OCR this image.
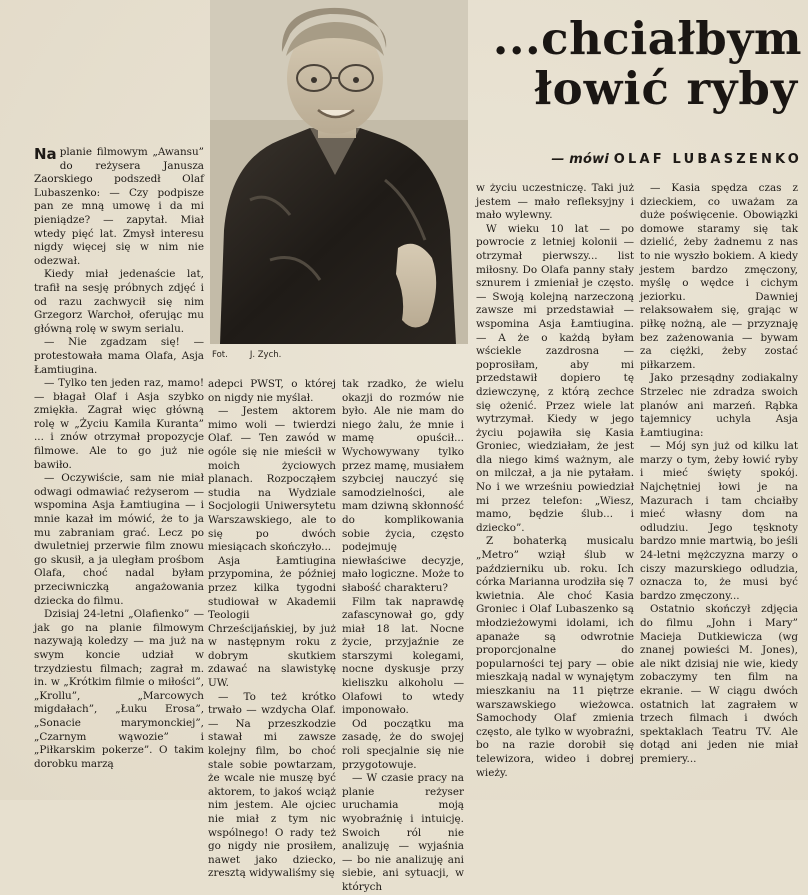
Fot.	J. Zych.
...chciałbym
łowić ryby
— mówi OLAF LUBASZENKO

Na planie filmowym „Awansu” do reżysera Janusza Zaorskiego podszedł Olaf Lubaszenko: — Czy podpisze pan ze mną umowę i da mi pieniądze? — zapytał. Miał wtedy pięć lat. Zmysł interesu nigdy więcej się w nim nie odezwał.

Kiedy miał jedenaście lat, trafił na sesję próbnych zdjęć i od razu zachwycił się nim Grzegorz Warchoł, oferując mu główną rolę w swym serialu.

— Nie zgadzam się! — protestowała mama Olafa, Asja Łamtiugina.

— Tylko ten jeden raz, mamo! — błagał Olaf i Asja szybko zmiękła. Zagrał więc główną rolę w „Życiu Kamila Kurantа” ... i znów otrzymał propozycje filmowe. Ale to go już nie bawiło.

— Oczywiście, sam nie miał odwagi odmawiać reżyserom — wspomina Asja Łamtiugina — i mnie kazał im mówić, że to ja mu zabraniam grać. Lecz po dwuletniej przerwie film znowu go skusił, a ja uległam prośbom Olafa, choć nadal byłam przeciwniczką angażowania dziecka do filmu.

Dzisiaj 24-letni „Olafienko” — jak go na planie filmowym nazywają koledzy — ma już na swym koncie udział w trzydziestu filmach; zagrał m. in. w „Krótkim filmie o miłości”, „Krollu”, „Marcowych migdałach”, „Łuku Erosa”, „Sonacie marymonckiej”, „Czarnym wąwozie” i „Piłkarskim pokerze”. O takim dorobku marzą

adepci PWST, o której on nigdy nie myślał.

— Jestem aktorem mimo woli — twierdzi Olaf. — Ten zawód w ogóle się nie mieścił w moich życiowych planach. Rozpocząłem studia na Wydziale Socjologii Uniwersytetu Warszawskiego, ale to się po dwóch miesiącach skończyło...

Asja Łamtiugina przypomina, że później przez kilka tygodni studiował w Akademii Teologii Chrześcijańskiej, by już w następnym roku z dobrym skutkiem zdawać na slawistykę UW.

— To też krótko trwało — wzdycha Olaf. — Na przeszkodzie stawał mi zawsze kolejny film, bo choć stale sobie powtarzam, że wcale nie muszę być aktorem, to jakoś wciąż nim jestem. Ale ojciec nie miał z tym nic wspólnego! O rady też go nigdy nie prosiłem, nawet jako dziecko, zresztą widywaliśmy się

tak rzadko, że wielu okazji do rozmów nie było. Ale nie mam do niego żalu, że mnie i mamę opuścił... Wychowywany tylko przez mamę, musiałem szybciej nauczyć się samodzielności, ale mam dziwną skłonność do komplikowania sobie życia, często podejmuję niewłaściwe decyzje, mało logiczne. Może to słabość charakteru?

Film tak naprawdę zafascynował go, gdy miał 18 lat. Nocne życie, przyjaźnie ze starszymi kolegami, nocne dyskusje przy kieliszku alkoholu — Olafowi to wtedy imponowało.

Od początku ma zasadę, że do swojej roli specjalnie się nie przygotowuje.

— W czasie pracy na planie reżyser uruchamia moją wyobraźnię i intuicję. Swoich ról nie analizuję — wyjaśnia — bo nie analizuję ani siebie, ani sytuacji, w których

w życiu uczestniczę. Taki już jestem — mało refleksyjny i mało wylewny.

W wieku 10 lat — po powrocie z letniej kolonii — otrzymał pierwszy... list miłosny. Do Olafa panny stały sznurem i zmieniał je często. — Swoją kolejną narzeczoną zawsze mi przedstawiał — wspomina Asja Łamtiugina. — A że o każdą byłam wściekle zazdrosna — poprosiłam, aby mi przedstawił dopiero tę dziewczynę, z którą zechce się ożenić. Przez wiele lat wytrzymał. Kiedy w jego życiu pojawiła się Kasia Groniec, wiedziałam, że jest dla niego kimś ważnym, ale on milczał, a ja nie pytałam. No i we wrześniu powiedział mi przez telefon: „Wiesz, mamo, będzie ślub... i dziecko”.

Z bohaterką musicalu „Metro” wziął ślub w październiku ub. roku. Ich córka Marianna urodziła się 7 kwietnia. Ale choć Kasia Groniec i Olaf Lubaszenko są młodzieżowymi idolami, ich apanaże są odwrotnie proporcjonalne do popularności tej pary — obie mieszkają nadal w wynajętym mieszkaniu na 11 piętrze warszawskiego wieżowca. Samochody Olaf zmienia często, ale tylko w wyobraźni, bo na razie dorobił się telewizora, wideo i dobrej wieży.

— Kasia spędza czas z dzieckiem, co uważam za duże poświęcenie. Obowiązki domowe staramy się tak dzielić, żeby żadnemu z nas to nie wyszło bokiem. A kiedy jestem bardzo zmęczony, myślę o wędce i cichym jeziorku. Dawniej relaksowałem się, grając w piłkę nożną, ale — przyznaję bez zażenowania — bywam za ciężki, żeby zostać piłkarzem.

Jako przesądny zodiakalny Strzelec nie zdradza swoich planów ani marzeń. Rąbka tajemnicy uchyla Asja Łamtiugina:

— Mój syn już od kilku lat marzy o tym, żeby łowić ryby i mieć święty spokój. Najchętniej łowi je na Mazurach i tam chciałby mieć własny dom na odludziu. Jego tęsknoty bardzo mnie martwią, bo jeśli 24-letni mężczyzna marzy o ciszy mazurskiego odludzia, oznacza to, że musi być bardzo zmęczony...

Ostatnio skończył zdjęcia do filmu „John i Mary” Macieja Dutkiewicza (wg znanej powieści M. Jones), ale nikt dzisiaj nie wie, kiedy zobaczymy ten film na ekranie. — W ciągu dwóch ostatnich lat zagrałem w trzech filmach i dwóch spektaklach Teatru TV. Ale dotąd ani jeden nie miał premiery...
